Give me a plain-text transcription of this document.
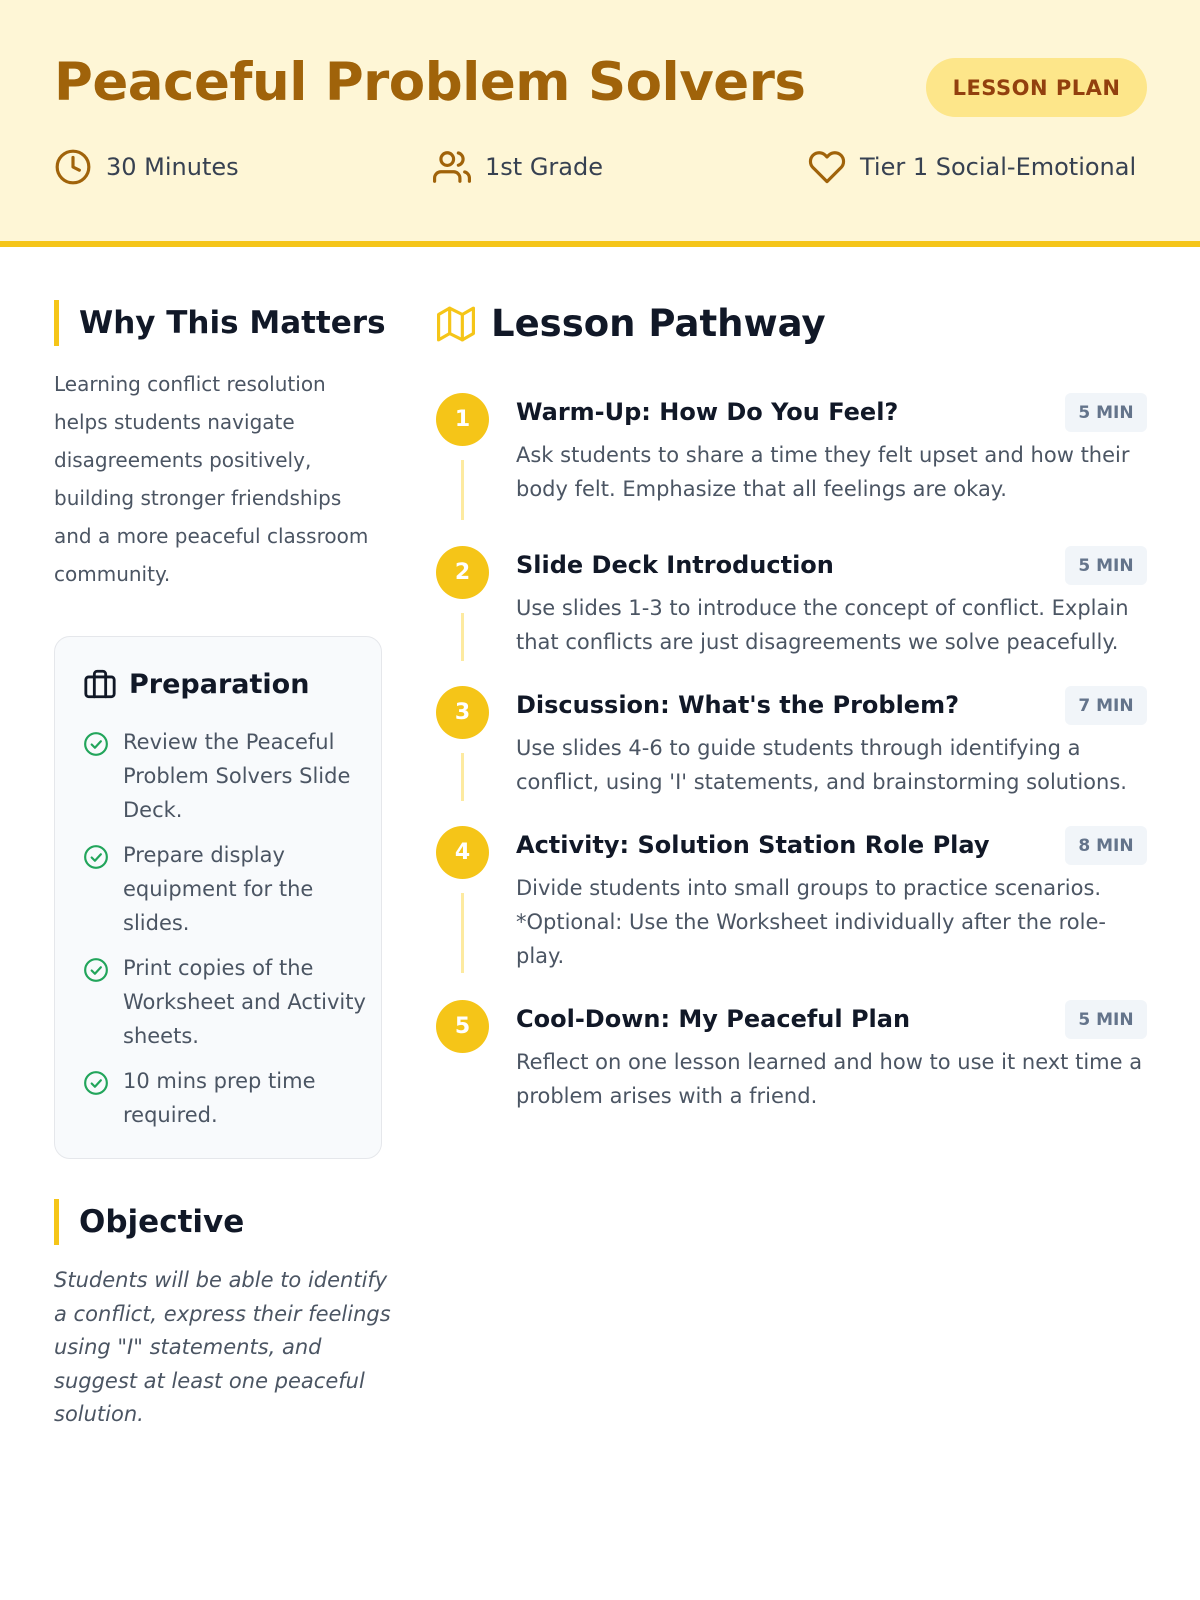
Peaceful Problem Solvers	LESSON PLAN
30 Minutes	1st Grade	Tier 1 Social-Emotional
Why This Matters
Learning conflict resolution helps students navigate disagreements positively, building stronger friendships and a more peaceful classroom community.
Preparation
Review the Peaceful Problem Solvers Slide Deck.
Prepare display equipment for the slides.
Print copies of the Worksheet and Activity sheets.
10 mins prep time required.
Objective
Students will be able to identify a conflict, express their feelings using "I" statements, and suggest at least one peaceful solution.
Lesson Pathway
1	Warm-Up: How Do You Feel?	5 MIN
Ask students to share a time they felt upset and how their body felt. Emphasize that all feelings are okay.
2	Slide Deck Introduction	5 MIN
Use slides 1-3 to introduce the concept of conflict. Explain that conflicts are just disagreements we solve peacefully.
3	Discussion: What's the Problem?	7 MIN
Use slides 4-6 to guide students through identifying a conflict, using 'I' statements, and brainstorming solutions.
4	Activity: Solution Station Role Play	8 MIN
Divide students into small groups to practice scenarios. *Optional: Use the Worksheet individually after the role-play.
5	Cool-Down: My Peaceful Plan	5 MIN
Reflect on one lesson learned and how to use it next time a problem arises with a friend.
